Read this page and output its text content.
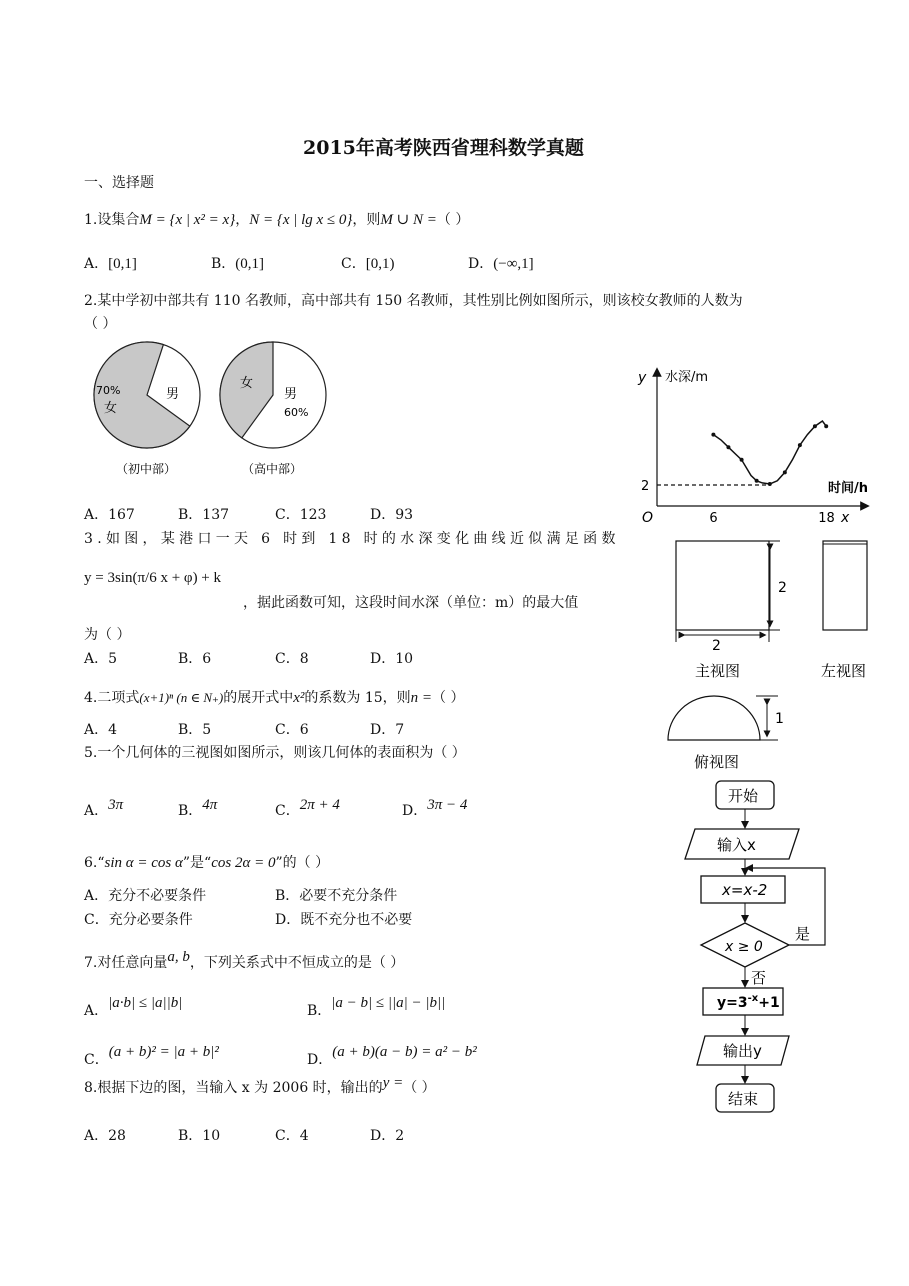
2015年高考陕西省理科数学真题
一、选择题
1.设集合M = {x | x² = x}，N = {x | lg x ≤ 0}，则M ∪ N =（ ）
A．[0,1]	B．(0,1]	C．[0,1)	D．(−∞,1]
2.某中学初中部共有 110 名教师，高中部共有 150 名教师，其性别比例如图所示，则该校女教师的人数为
（ ）
70%
女
男
（初中部）
女
男
60%
（高中部）
A．167	B．137	C．123	D．93
3.如图，某港口一天 6 时到 18 时的水深变化曲线近似满足函数
y = 3sin(π/6 x + φ) + k
，据此函数可知，这段时间水深（单位：m）的最大值
为（ ）
A．5	B．6	C．8	D．10
y 水深/m
时间/h
x
O	6	18
2
4.二项式(x+1)ⁿ (n ∈ N₊)的展开式中x²的系数为 15，则n =（ ）
A．4	B．5	C．6	D．7
5.一个几何体的三视图如图所示，则该几何体的表面积为（ ）
A．3π	B．4π	C．2π + 4	D．3π − 4
2
2
主视图	左视图
1
俯视图
6.“sin α = cos α”是“cos 2α = 0”的（ ）
A．充分不必要条件	B．必要不充分条件
C．充分必要条件	D．既不充分也不必要
7.对任意向量a, b，下列关系式中不恒成立的是（ ）
A．|a·b| ≤ |a||b|	B．|a − b| ≤ ||a| − |b||
C．(a + b)² = |a + b|²	D．(a + b)(a − b) = a² − b²
8.根据下边的图，当输入 x 为 2006 时，输出的y =（ ）
A．28	B．10	C．4	D．2
开始
输入x
x=x-2
x ≥ 0
是
否
$y=3^{-x}+1$
输出y
结束
